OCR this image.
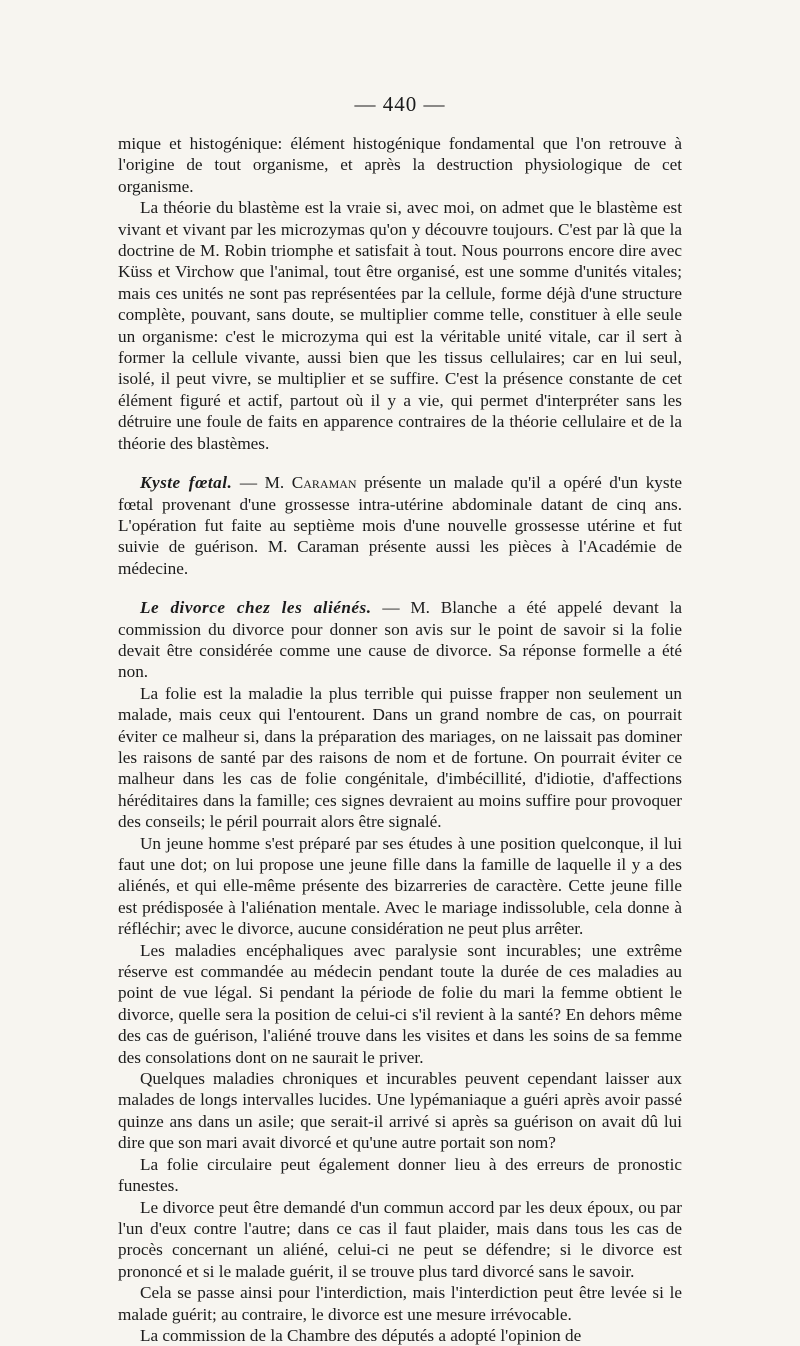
— 440 —

mique et histogénique: élément histogénique fondamental que l'on retrouve à l'origine de tout organisme, et après la destruction physiologique de cet organisme.

La théorie du blastème est la vraie si, avec moi, on admet que le blastème est vivant et vivant par les microzymas qu'on y découvre toujours. C'est par là que la doctrine de M. Robin triomphe et satisfait à tout. Nous pourrons encore dire avec Küss et Virchow que l'animal, tout être organisé, est une somme d'unités vitales; mais ces unités ne sont pas représentées par la cellule, forme déjà d'une structure complète, pouvant, sans doute, se multiplier comme telle, constituer à elle seule un organisme: c'est le microzyma qui est la véritable unité vitale, car il sert à former la cellule vivante, aussi bien que les tissus cellulaires; car en lui seul, isolé, il peut vivre, se multiplier et se suffire. C'est la présence constante de cet élément figuré et actif, partout où il y a vie, qui permet d'interpréter sans les détruire une foule de faits en apparence contraires de la théorie cellulaire et de la théorie des blastèmes.

Kyste fœtal. — M. Caraman présente un malade qu'il a opéré d'un kyste fœtal provenant d'une grossesse intra-utérine abdominale datant de cinq ans. L'opération fut faite au septième mois d'une nouvelle grossesse utérine et fut suivie de guérison. M. Caraman présente aussi les pièces à l'Académie de médecine.

Le divorce chez les aliénés. — M. Blanche a été appelé devant la commission du divorce pour donner son avis sur le point de savoir si la folie devait être considérée comme une cause de divorce. Sa réponse formelle a été non.

La folie est la maladie la plus terrible qui puisse frapper non seulement un malade, mais ceux qui l'entourent. Dans un grand nombre de cas, on pourrait éviter ce malheur si, dans la préparation des mariages, on ne laissait pas dominer les raisons de santé par des raisons de nom et de fortune. On pourrait éviter ce malheur dans les cas de folie congénitale, d'imbécillité, d'idiotie, d'affections héréditaires dans la famille; ces signes devraient au moins suffire pour provoquer des conseils; le péril pourrait alors être signalé.

Un jeune homme s'est préparé par ses études à une position quelconque, il lui faut une dot; on lui propose une jeune fille dans la famille de laquelle il y a des aliénés, et qui elle-même présente des bizarreries de caractère. Cette jeune fille est prédisposée à l'aliénation mentale. Avec le mariage indissoluble, cela donne à réfléchir; avec le divorce, aucune considération ne peut plus arrêter.

Les maladies encéphaliques avec paralysie sont incurables; une extrême réserve est commandée au médecin pendant toute la durée de ces maladies au point de vue légal. Si pendant la période de folie du mari la femme obtient le divorce, quelle sera la position de celui-ci s'il revient à la santé? En dehors même des cas de guérison, l'aliéné trouve dans les visites et dans les soins de sa femme des consolations dont on ne saurait le priver.

Quelques maladies chroniques et incurables peuvent cependant laisser aux malades de longs intervalles lucides. Une lypémaniaque a guéri après avoir passé quinze ans dans un asile; que serait-il arrivé si après sa guérison on avait dû lui dire que son mari avait divorcé et qu'une autre portait son nom?

La folie circulaire peut également donner lieu à des erreurs de pronostic funestes.

Le divorce peut être demandé d'un commun accord par les deux époux, ou par l'un d'eux contre l'autre; dans ce cas il faut plaider, mais dans tous les cas de procès concernant un aliéné, celui-ci ne peut se défendre; si le divorce est prononcé et si le malade guérit, il se trouve plus tard divorcé sans le savoir.

Cela se passe ainsi pour l'interdiction, mais l'interdiction peut être levée si le malade guérit; au contraire, le divorce est une mesure irrévocable.

La commission de la Chambre des députés a adopté l'opinion de
